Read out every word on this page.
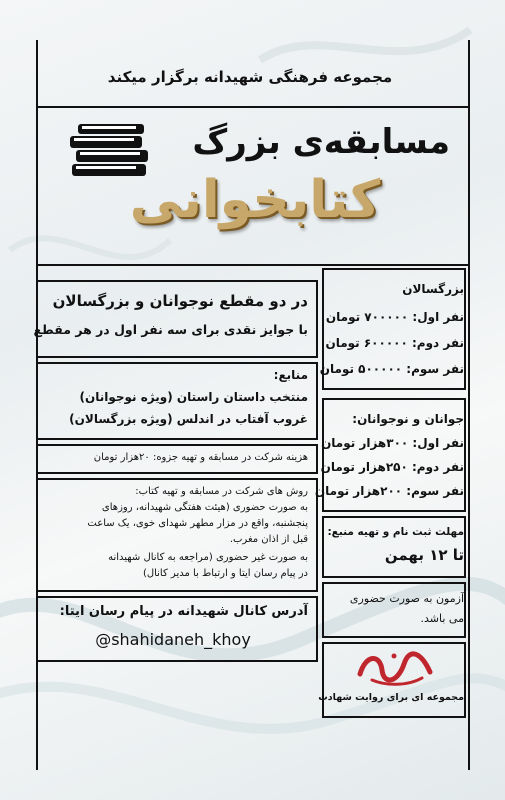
مجموعه فرهنگی شهیدانه برگزار میکند
مسابقه‌ی بزرگ
کتابخوانی
در دو مقطع نوجوانان و بزرگسالان
با جوایز نقدی برای سه نفر اول در هر مقطع
منابع:
منتخب داستان راستان (ویژه نوجوانان)
غروب آفتاب در اندلس (ویژه بزرگسالان)
هزینه شرکت در مسابقه و تهیه جزوه: ۲۰هزار تومان
روش های شرکت در مسابقه و تهیه کتاب:
به صورت حضوری (هیئت هفتگی شهیدانه، روزهای
پنجشنبه، واقع در مزار مطهر شهدای خوی، یک ساعت
قبل از اذان مغرب.
به صورت غیر حضوری (مراجعه به کانال شهیدانه
در پیام رسان ایتا و ارتباط با مدیر کانال)
آدرس کانال شهیدانه در پیام رسان ایتا:
@shahidaneh_khoy
بزرگسالان
نفر اول: ۷۰۰۰۰۰ تومان
نفر دوم: ۶۰۰۰۰۰ تومان
نفر سوم: ۵۰۰۰۰۰ تومان
جوانان و نوجوانان:
نفر اول: ۳۰۰هزار تومان
نفر دوم: ۲۵۰هزار تومان
نفر سوم: ۲۰۰هزار تومان
مهلت ثبت نام و تهیه منبع:
تا ۱۲ بهمن
آزمون به صورت حضوری
می باشد.
مجموعه ای برای روایت شهادت
